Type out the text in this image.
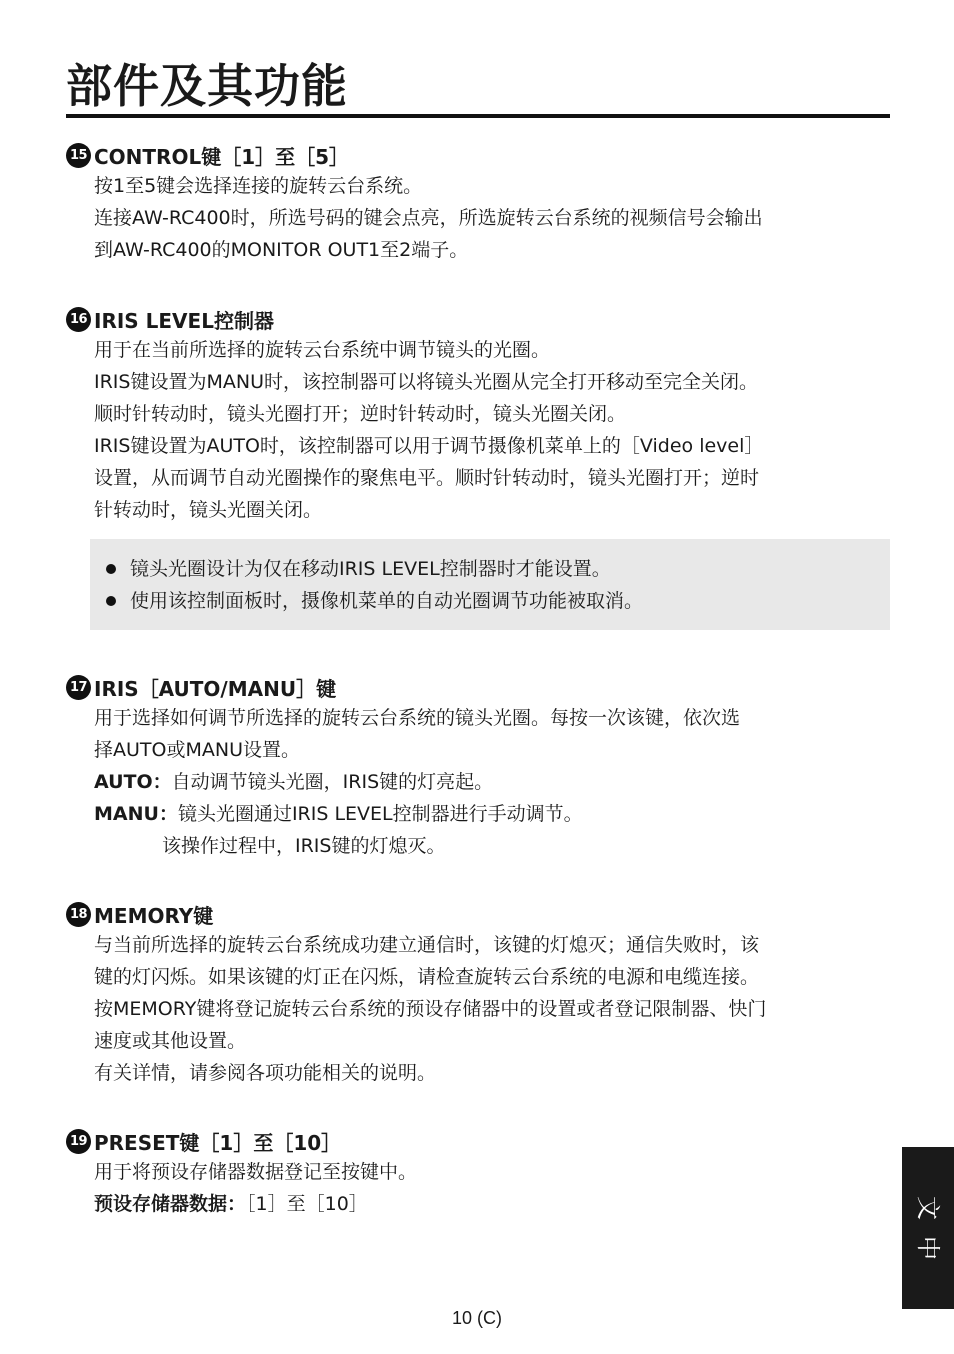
部件及其功能
15 CONTROL键［1］至［5］
按1至5键会选择连接的旋转云台系统。
连接AW-RC400时，所选号码的键会点亮，所选旋转云台系统的视频信号会输出
到AW-RC400的MONITOR OUT1至2端子。
16 IRIS LEVEL控制器
用于在当前所选择的旋转云台系统中调节镜头的光圈。
IRIS键设置为MANU时，该控制器可以将镜头光圈从完全打开移动至完全关闭。
顺时针转动时，镜头光圈打开；逆时针转动时，镜头光圈关闭。
IRIS键设置为AUTO时，该控制器可以用于调节摄像机菜单上的［Video level］
设置，从而调节自动光圈操作的聚焦电平。顺时针转动时，镜头光圈打开；逆时
针转动时，镜头光圈关闭。
镜头光圈设计为仅在移动IRIS LEVEL控制器时才能设置。
使用该控制面板时，摄像机菜单的自动光圈调节功能被取消。
17 IRIS［AUTO/MANU］键
用于选择如何调节所选择的旋转云台系统的镜头光圈。每按一次该键，依次选
择AUTO或MANU设置。
AUTO：自动调节镜头光圈，IRIS键的灯亮起。
MANU：镜头光圈通过IRIS LEVEL控制器进行手动调节。
该操作过程中，IRIS键的灯熄灭。
18 MEMORY键
与当前所选择的旋转云台系统成功建立通信时，该键的灯熄灭；通信失败时，该
键的灯闪烁。如果该键的灯正在闪烁，请检查旋转云台系统的电源和电缆连接。
按MEMORY键将登记旋转云台系统的预设存储器中的设置或者登记限制器、快门
速度或其他设置。
有关详情，请参阅各项功能相关的说明。
19 PRESET键［1］至［10］
用于将预设存储器数据登记至按键中。
预设存储器数据：［1］至［10］	文
中
10 (C)
